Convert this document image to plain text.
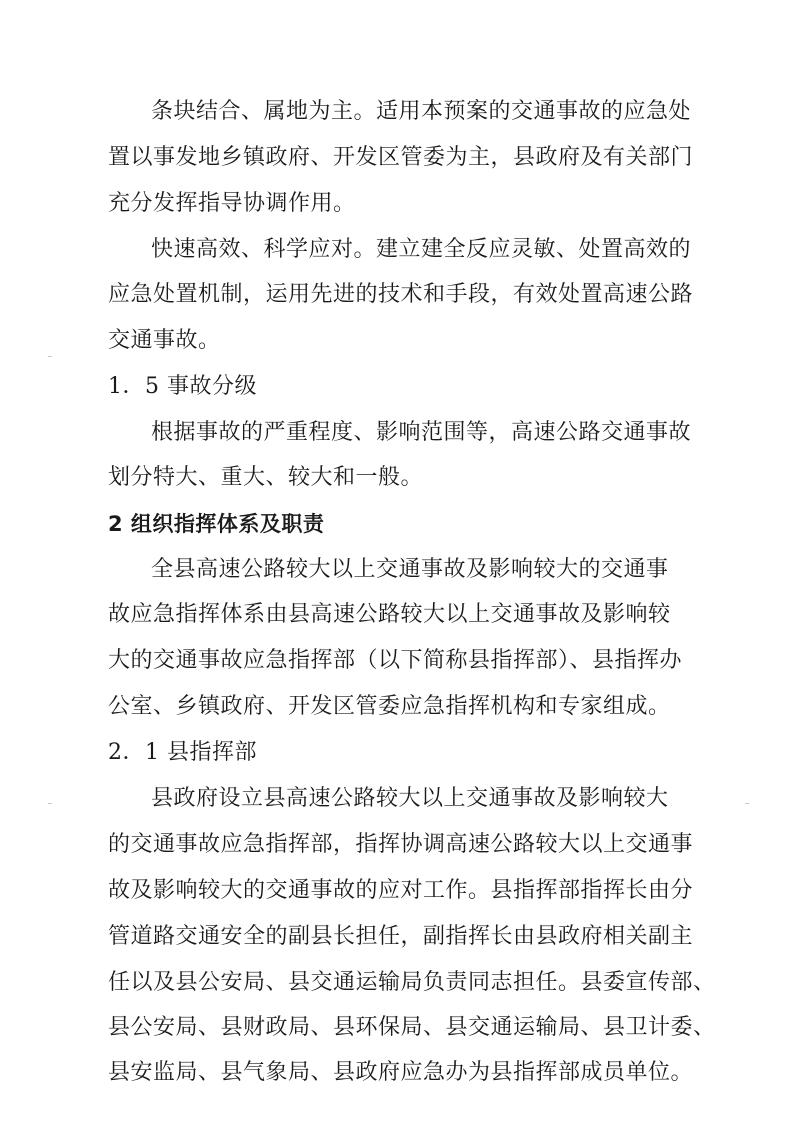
条块结合、属地为主。适用本预案的交通事故的应急处
置以事发地乡镇政府、开发区管委为主，县政府及有关部门
充分发挥指导协调作用。
快速高效、科学应对。建立建全反应灵敏、处置高效的
应急处置机制，运用先进的技术和手段，有效处置高速公路
交通事故。
1．5 事故分级
根据事故的严重程度、影响范围等，高速公路交通事故
划分特大、重大、较大和一般。
2 组织指挥体系及职责
全县高速公路较大以上交通事故及影响较大的交通事
故应急指挥体系由县高速公路较大以上交通事故及影响较
大的交通事故应急指挥部（以下简称县指挥部）、县指挥办
公室、乡镇政府、开发区管委应急指挥机构和专家组成。
2．1 县指挥部
县政府设立县高速公路较大以上交通事故及影响较大
的交通事故应急指挥部，指挥协调高速公路较大以上交通事
故及影响较大的交通事故的应对工作。县指挥部指挥长由分
管道路交通安全的副县长担任，副指挥长由县政府相关副主
任以及县公安局、县交通运输局负责同志担任。县委宣传部、
县公安局、县财政局、县环保局、县交通运输局、县卫计委、
县安监局、县气象局、县政府应急办为县指挥部成员单位。
